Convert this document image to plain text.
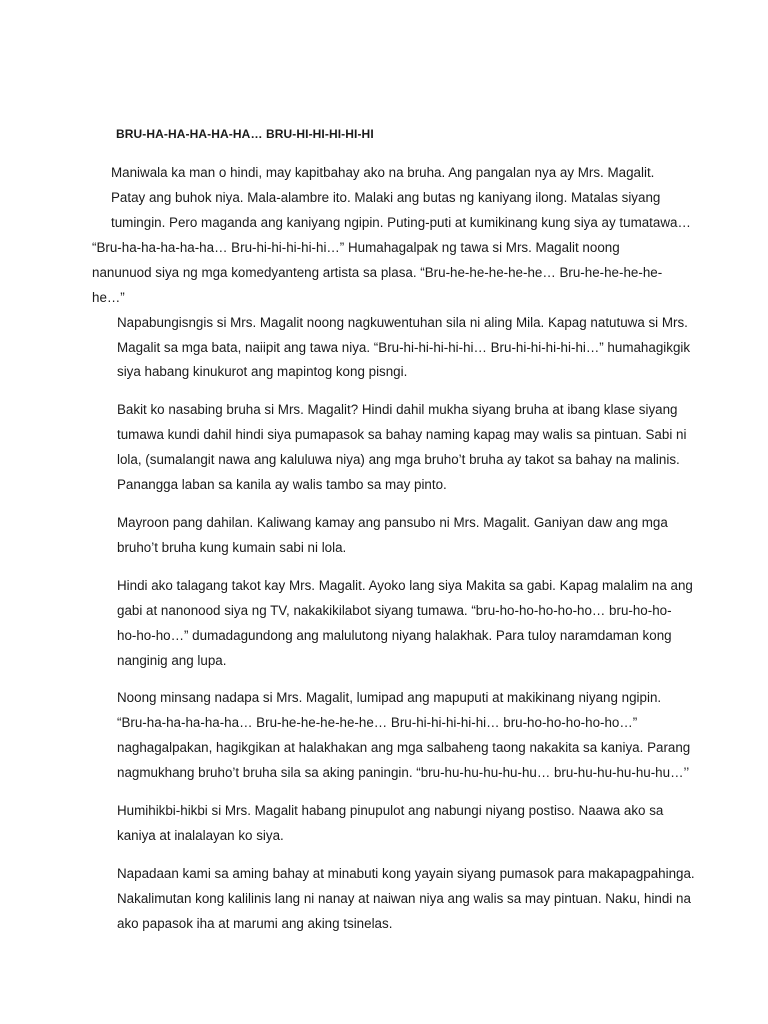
BRU-HA-HA-HA-HA-HA… BRU-HI-HI-HI-HI-HI
Maniwala ka man o hindi, may kapitbahay ako na bruha. Ang pangalan nya ay Mrs. Magalit.
Patay ang buhok niya. Mala-alambre ito. Malaki ang butas ng kaniyang ilong. Matalas siyang
tumingin. Pero maganda ang kaniyang ngipin. Puting-puti at kumikinang kung siya ay tumatawa…
“Bru-ha-ha-ha-ha-ha… Bru-hi-hi-hi-hi-hi…” Humahagalpak ng tawa si Mrs. Magalit noong
nanunuod siya ng mga komedyanteng artista sa plasa. “Bru-he-he-he-he-he… Bru-he-he-he-he-
he…”
Napabungisngis si Mrs. Magalit noong nagkuwentuhan sila ni aling Mila. Kapag natutuwa si Mrs.
Magalit sa mga bata, naiipit ang tawa niya. “Bru-hi-hi-hi-hi-hi… Bru-hi-hi-hi-hi-hi…” humahagikgik
siya habang kinukurot ang mapintog kong pisngi.
Bakit ko nasabing bruha si Mrs. Magalit? Hindi dahil mukha siyang bruha at ibang klase siyang
tumawa kundi dahil hindi siya pumapasok sa bahay naming kapag may walis sa pintuan. Sabi ni
lola, (sumalangit nawa ang kaluluwa niya) ang mga bruho’t bruha ay takot sa bahay na malinis.
Panangga laban sa kanila ay walis tambo sa may pinto.
Mayroon pang dahilan. Kaliwang kamay ang pansubo ni Mrs. Magalit. Ganiyan daw ang mga
bruho’t bruha kung kumain sabi ni lola.
Hindi ako talagang takot kay Mrs. Magalit. Ayoko lang siya Makita sa gabi. Kapag malalim na ang
gabi at nanonood siya ng TV, nakakikilabot siyang tumawa. “bru-ho-ho-ho-ho-ho… bru-ho-ho-
ho-ho-ho…” dumadagundong ang malulutong niyang halakhak. Para tuloy naramdaman kong
nanginig ang lupa.
Noong minsang nadapa si Mrs. Magalit, lumipad ang mapuputi at makikinang niyang ngipin.
“Bru-ha-ha-ha-ha-ha… Bru-he-he-he-he-he… Bru-hi-hi-hi-hi-hi… bru-ho-ho-ho-ho-ho…”
naghagalpakan, hagikgikan at halakhakan ang mga salbaheng taong nakakita sa kaniya. Parang
nagmukhang bruho’t bruha sila sa aking paningin. “bru-hu-hu-hu-hu-hu… bru-hu-hu-hu-hu-hu…’’
Humihikbi-hikbi si Mrs. Magalit habang pinupulot ang nabungi niyang postiso. Naawa ako sa
kaniya at inalalayan ko siya.
Napadaan kami sa aming bahay at minabuti kong yayain siyang pumasok para makapagpahinga.
Nakalimutan kong kalilinis lang ni nanay at naiwan niya ang walis sa may pintuan. Naku, hindi na
ako papasok iha at marumi ang aking tsinelas.
